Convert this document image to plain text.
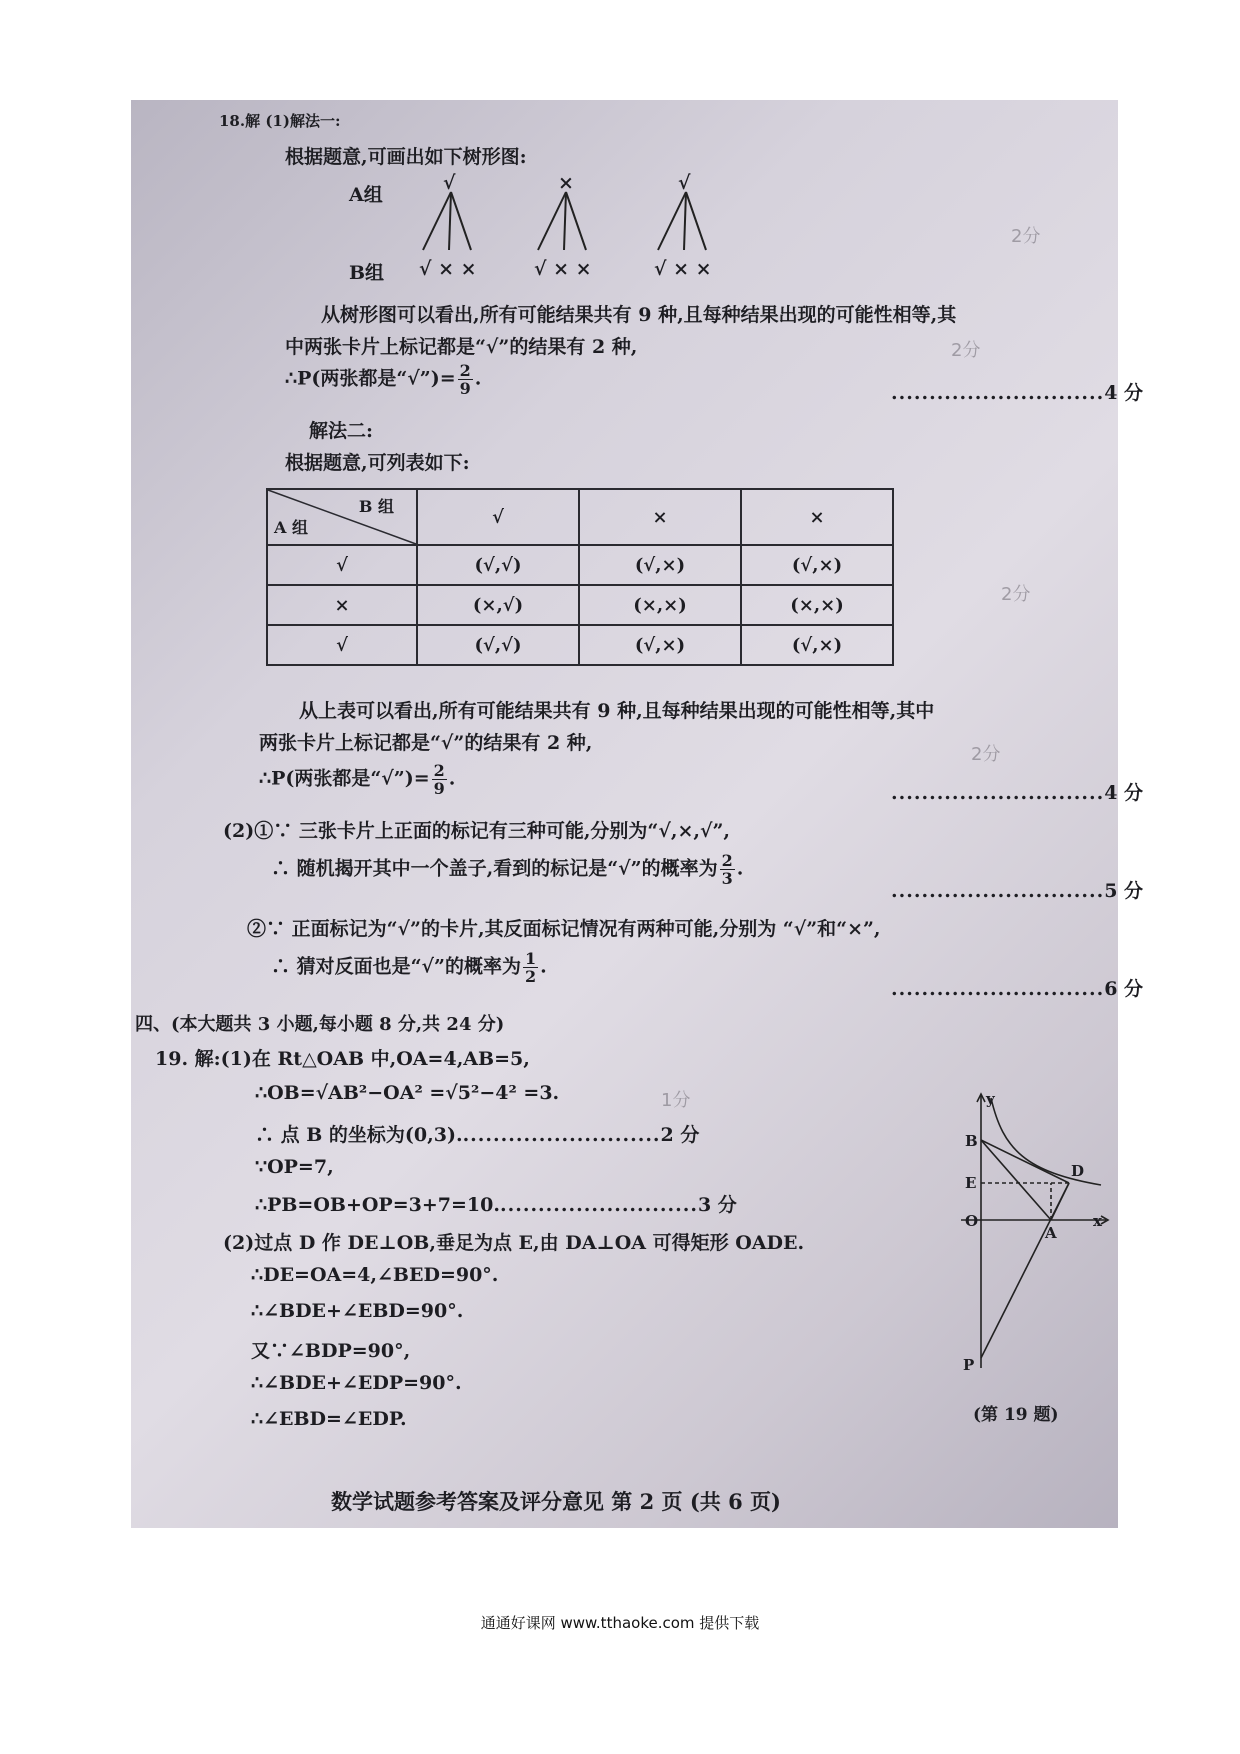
18.解 (1)解法一:
根据题意,可画出如下树形图:
A组
B组
√	×	√
√ × ×	√ × ×	√ × ×
从树形图可以看出,所有可能结果共有 9 种,且每种结果出现的可能性相等,其
中两张卡片上标记都是“√”的结果有 2 种,
∴P(两张都是“√”)= $\frac{2}{9}$ .
............................4 分
解法二:
根据题意,可列表如下:
B 组
A 组	√	×	×
√	(√,√)	(√,×)	(√,×)
×	(×,√)	(×,×)	(×,×)
√	(√,√)	(√,×)	(√,×)
从上表可以看出,所有可能结果共有 9 种,且每种结果出现的可能性相等,其中
两张卡片上标记都是“√”的结果有 2 种,
∴P(两张都是“√”)= $\frac{2}{9}$ .
............................4 分
(2)①∵ 三张卡片上正面的标记有三种可能,分别为“√,×,√”,
∴ 随机揭开其中一个盖子,看到的标记是“√”的概率为 $\frac{2}{3}$ .
............................5 分
②∵ 正面标记为“√”的卡片,其反面标记情况有两种可能,分别为 “√”和“×”,
∴ 猜对反面也是“√”的概率为 $\frac{1}{2}$ .
............................6 分
四、(本大题共 3 小题,每小题 8 分,共 24 分)
19. 解:(1)在 Rt△OAB 中,OA=4,AB=5,
∴OB=√AB²−OA² =√5²−4² =3.
∴ 点 B 的坐标为(0,3)...........................2 分
∵OP=7,
∴PB=OB+OP=3+7=10...........................3 分
(2)过点 D 作 DE⊥OB,垂足为点 E,由 DA⊥OA 可得矩形 OADE.
∴DE=OA=4,∠BED=90°.
∴∠BDE+∠EBD=90°.
又∵∠BDP=90°,
∴∠BDE+∠EDP=90°.
∴∠EBD=∠EDP.
y
x
B
E
O
D
A
P
(第 19 题)
2分
2分
2分
2分
1分
数学试题参考答案及评分意见 第 2 页 (共 6 页)
通通好课网 www.tthaoke.com 提供下载
